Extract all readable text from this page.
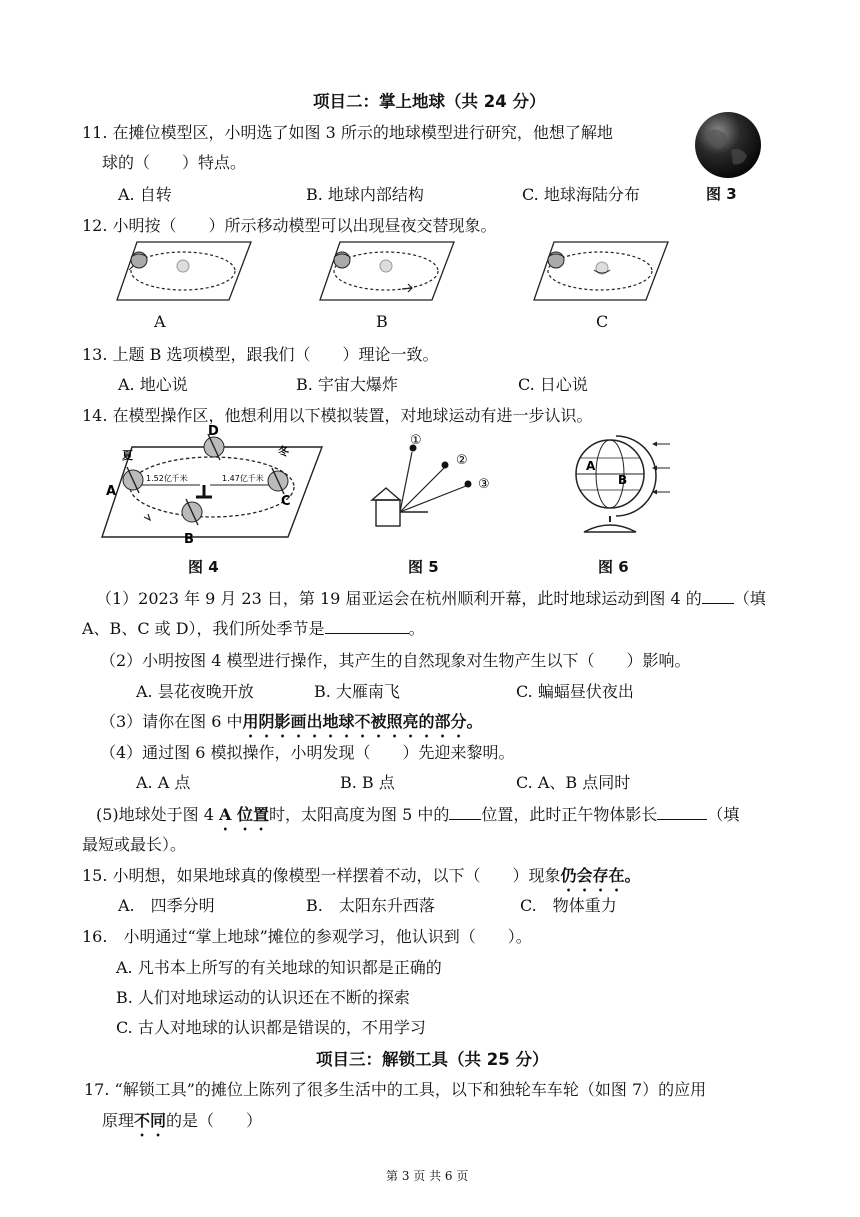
项目二：掌上地球（共 24 分）
11. 在摊位模型区，小明选了如图 3 所示的地球模型进行研究，他想了解地
球的（　　）特点。
A. 自转	B. 地球内部结构	C. 地球海陆分布	图 3
12. 小明按（　　）所示移动模型可以出现昼夜交替现象。
A	B	C
13. 上题 B 选项模型，跟我们（　　）理论一致。
A. 地心说	B. 宇宙大爆炸	C. 日心说
14. 在模型操作区，他想利用以下模拟装置，对地球运动有进一步认识。
A
B
C
D
夏	冬
1.52亿千米	1.47亿千米
图 4
①
②
③
图 5
A
B
图 6
（1）2023 年 9 月 23 日，第 19 届亚运会在杭州顺利开幕，此时地球运动到图 4 的 （填
A、B、C 或 D），我们所处季节是	。
（2）小明按图 4 模型进行操作，其产生的自然现象对生物产生以下（　　）影响。
A. 昙花夜晚开放	B. 大雁南飞	C. 蝙蝠昼伏夜出
（3）请你在图 6 中用阴影画出地球不被照亮的部分。
（4）通过图 6 模拟操作，小明发现（　　）先迎来黎明。
A. A 点	B. B 点	C. A、B 点同时
(5)地球处于图 4 A 位置时，太阳高度为图 5 中的 位置，此时正午物体影长	（填
最短或最长）。
15. 小明想，如果地球真的像模型一样摆着不动，以下（　　）现象仍会存在。
A.　四季分明	B.　太阳东升西落	C.　物体重力
16.　小明通过“掌上地球”摊位的参观学习，他认识到（　　）。
A. 凡书本上所写的有关地球的知识都是正确的
B. 人们对地球运动的认识还在不断的探索
C. 古人对地球的认识都是错误的，不用学习
项目三：解锁工具（共 25 分）
17. “解锁工具”的摊位上陈列了很多生活中的工具，以下和独轮车车轮（如图 7）的应用
原理不同的是（　　）
第 3 页 共 6 页
